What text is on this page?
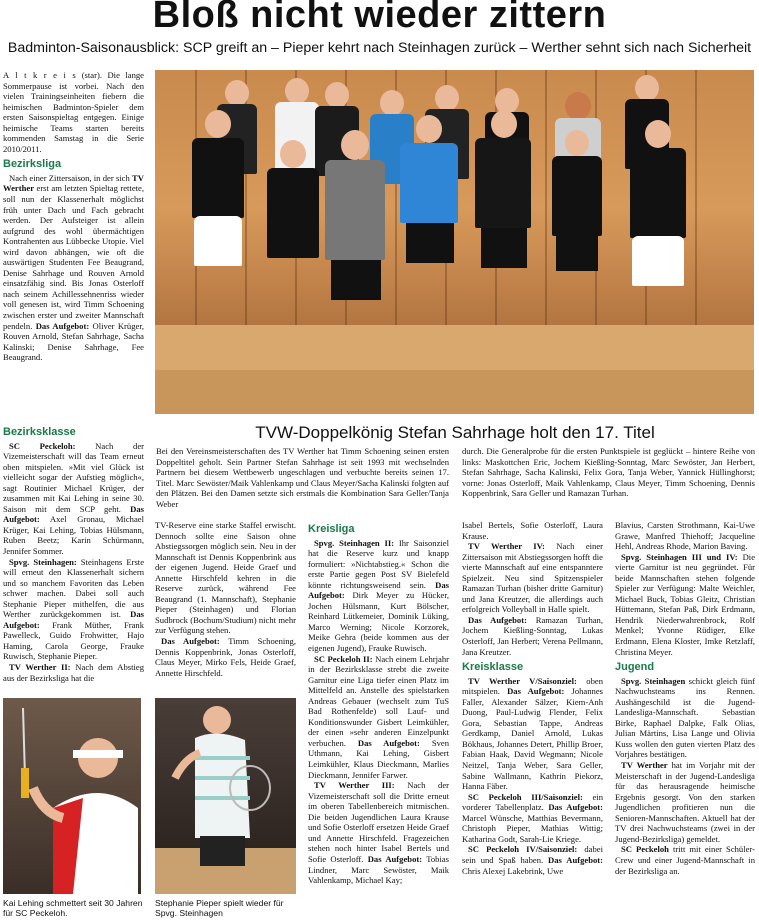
Bloß nicht wieder zittern
Badminton-Saisonausblick: SCP greift an – Pieper kehrt nach Steinhagen zurück – Werther sehnt sich nach Sicherheit

A l t k r e i s (star). Die lange Sommerpause ist vorbei. Nach den vielen Trainingseinheiten fiebern die heimischen Badminton-Spieler dem ersten Saisonspieltag entgegen. Einige heimische Teams starten bereits kommenden Samstag in die Serie 2010/2011.

Bezirksliga

Nach einer Zittersaison, in der sich TV Werther erst am letzten Spieltag rettete, soll nun der Klassenerhalt möglichst früh unter Dach und Fach gebracht werden. Der Aufsteiger ist allein aufgrund des wohl übermächtigen Kontrahenten aus Lübbecke Utopie. Viel wird davon abhängen, wie oft die auswärtigen Studenten Fee Beaugrand, Denise Sahrhage und Rouven Arnold einsatzfähig sind. Bis Jonas Osterloff nach seinem Achillessehnenriss wieder voll genesen ist, wird Timm Schoening zwischen erster und zweiter Mannschaft pendeln. Das Aufgebot: Oliver Krüger, Rouven Arnold, Stefan Sahrhage, Sacha Kalinski; Denise Sahrhage, Fee Beaugrand.

TVW-Doppelkönig Stefan Sahrhage holt den 17. Titel

Bei den Vereinsmeisterschaften des TV Werther hat Timm Schoening seinen ersten Doppeltitel geholt. Sein Partner Stefan Sahrhage ist seit 1993 mit wechselnden Partnern bei diesem Wettbewerb ungeschlagen und verbuchte bereits seinen 17. Titel. Marc Sewöster/Maik Vahlenkamp und Claus Meyer/Sacha Kalinski folgten auf den Plätzen. Bei den Damen setzte sich erstmals die Kombination Sara Geller/Tanja Weber

durch. Die Generalprobe für die ersten Punktspiele ist geglückt – hintere Reihe von links: Maskottchen Eric, Jochem Kießling-Sonntag, Marc Sewöster, Jan Herbert, Stefan Sahrhage, Sacha Kalinski, Felix Gora, Tanja Weber, Yannick Hüllinghorst; vorne: Jonas Osterloff, Maik Vahlenkamp, Claus Meyer, Timm Schoening, Dennis Koppenbrink, Sara Geller und Ramazan Turhan.

Bezirksklasse

SC Peckeloh: Nach der Vizemeisterschaft will das Team erneut oben mitspielen. »Mit viel Glück ist vielleicht sogar der Aufstieg möglich«, sagt Routinier Michael Krüger, der zusammen mit Kai Lehing in seine 30. Saison mit dem SCP geht. Das Aufgebot: Axel Gronau, Michael Krüger, Kai Lehing, Tobias Hülsmann, Ruben Beetz; Karin Schürmann, Jennifer Sommer.

Spvg. Steinhagen: Steinhagens Erste will erneut den Klassenerhalt sichern und so manchem Favoriten das Leben schwer machen. Dabei soll auch Stephanie Pieper mithelfen, die aus Werther zurückgekommen ist. Das Aufgebot: Frank Müther, Frank Pawelleck, Guido Frohwitter, Hajo Haming, Carola George, Frauke Ruwisch, Stephanie Pieper.

TV Werther II: Nach dem Abstieg aus der Bezirksliga hat die

TV-Reserve eine starke Staffel erwischt. Dennoch sollte eine Saison ohne Abstiegssorgen möglich sein. Neu in der Mannschaft ist Dennis Koppenbrink aus der eigenen Jugend. Heide Graef und Annette Hirschfeld kehren in die Reserve zurück, während Fee Beaugrand (1. Mannschaft), Stephanie Pieper (Steinhagen) und Florian Sudbrock (Bochum/Studium) nicht mehr zur Verfügung stehen.

Das Aufgebot: Timm Schoening, Dennis Koppenbrink, Jonas Osterloff, Claus Meyer, Mirko Fels, Heide Graef, Annette Hirschfeld.

Kai Lehing schmettert seit 30 Jahren für SC Peckeloh.
Stephanie Pieper spielt wieder für Spvg. Steinhagen
Kreisliga

Spvg. Steinhagen II: Ihr Saisonziel hat die Reserve kurz und knapp formuliert: »Nichtabstieg.« Schon die erste Partie gegen Post SV Bielefeld könnte richtungsweisend sein. Das Aufgebot: Dirk Meyer zu Hücker, Jochen Hülsmann, Kurt Bölscher, Reinhard Lütkemeier, Dominik Lüking, Marco Werning; Nicole Korzorek, Meike Gehra (beide kommen aus der eigenen Jugend), Frauke Ruwisch.

SC Peckeloh II: Nach einem Lehrjahr in der Bezirksklasse strebt die zweite Garnitur eine Liga tiefer einen Platz im Mittelfeld an. Anstelle des spielstarken Andreas Gebauer (wechselt zum TuS Bad Rothenfelde) soll Lauf- und Konditionswunder Gisbert Leimkühler, der einen »sehr anderen Einzelpunkt verbuchen. Das Aufgebot: Sven Uthmann, Kai Lehing, Gisbert Leimkühler, Klaus Dieckmann, Marlies Dieckmann, Jennifer Farwer.

TV Werther III: Nach der Vizemeisterschaft soll die Dritte erneut im oberen Tabellenbereich mitmischen. Die beiden Jugendlichen Laura Krause und Sofie Osterloff ersetzen Heide Graef und Annette Hirschfeld. Fragezeichen stehen noch hinter Isabel Bertels und Sofie Osterloff. Das Aufgebot: Tobias Lindner, Marc Sewöster, Maik Vahlenkamp, Michael Kay;

Isabel Bertels, Sofie Osterloff, Laura Krause.

TV Werther IV: Nach einer Zittersaison mit Abstiegssorgen hofft die vierte Mannschaft auf eine entspanntere Spielzeit. Neu sind Spitzenspieler Ramazan Turhan (bisher dritte Garnitur) und Jana Kreutzer, die allerdings auch erfolgreich Volleyball in Halle spielt.

Das Aufgebot: Ramazan Turhan, Jochem Kießling-Sonntag, Lukas Osterloff, Jan Herbert; Verena Pellmann, Jana Kreutzer.

Kreisklasse

TV Werther V/Saisonziel: oben mitspielen. Das Aufgebot: Johannes Faller, Alexander Sälzer, Kiem-Anh Duong, Paul-Ludwig Flender, Felix Gora, Sebastian Tappe, Andreas Gerdkamp, Daniel Arnold, Lukas Bökhaus, Johannes Detert, Phillip Broer, Fabian Haak, David Wegmann; Nicole Neitzel, Tanja Weber, Sara Geller, Sabine Wallmann, Kathrin Piekorz, Hanna Fäber.

SC Peckeloh III/Saisonziel: ein vorderer Tabellenplatz. Das Aufgebot: Marcel Wünsche, Matthias Bevermann, Christoph Pieper, Mathias Wittig; Katharina Godt, Sarah-Lie Kriege.

SC Peckeloh IV/Saisonziel: dabei sein und Spaß haben. Das Aufgebot: Chris Alexej Lakebrink, Uwe

Blavius, Carsten Strothmann, Kai-Uwe Grawe, Manfred Thiehoff; Jacqueline Hehl, Andreas Rhode, Marion Baving.

Spvg. Steinhagen III und IV: Die vierte Garnitur ist neu gegründet. Für beide Mannschaften stehen folgende Spieler zur Verfügung: Malte Weichler, Michael Buck, Tobias Gleitz, Christian Hüttemann, Stefan Paß, Dirk Erdmann, Hendrik Niederwahrenbrock, Rolf Menkel; Yvonne Rüdiger, Elke Erdmann, Elena Kloster, Imke Retzlaff, Christina Meyer.

Jugend

Spvg. Steinhagen schickt gleich fünf Nachwuchsteams ins Rennen. Aushängeschild ist die Jugend-Landesliga-Mannschaft. Sebastian Birke, Raphael Dalpke, Falk Olias, Julian Märtins, Lisa Lange und Olivia Kuss wollen den guten vierten Platz des Vorjahres bestätigen.

TV Werther hat im Vorjahr mit der Meisterschaft in der Jugend-Landesliga für das herausragende heimische Ergebnis gesorgt. Von den starken Jugendlichen profitieren nun die Senioren-Mannschaften. Aktuell hat der TV drei Nachwuchsteams (zwei in der Jugend-Bezirksliga) gemeldet.

SC Peckeloh tritt mit einer Schüler-Crew und einer Jugend-Mannschaft in der Bezirksliga an.
